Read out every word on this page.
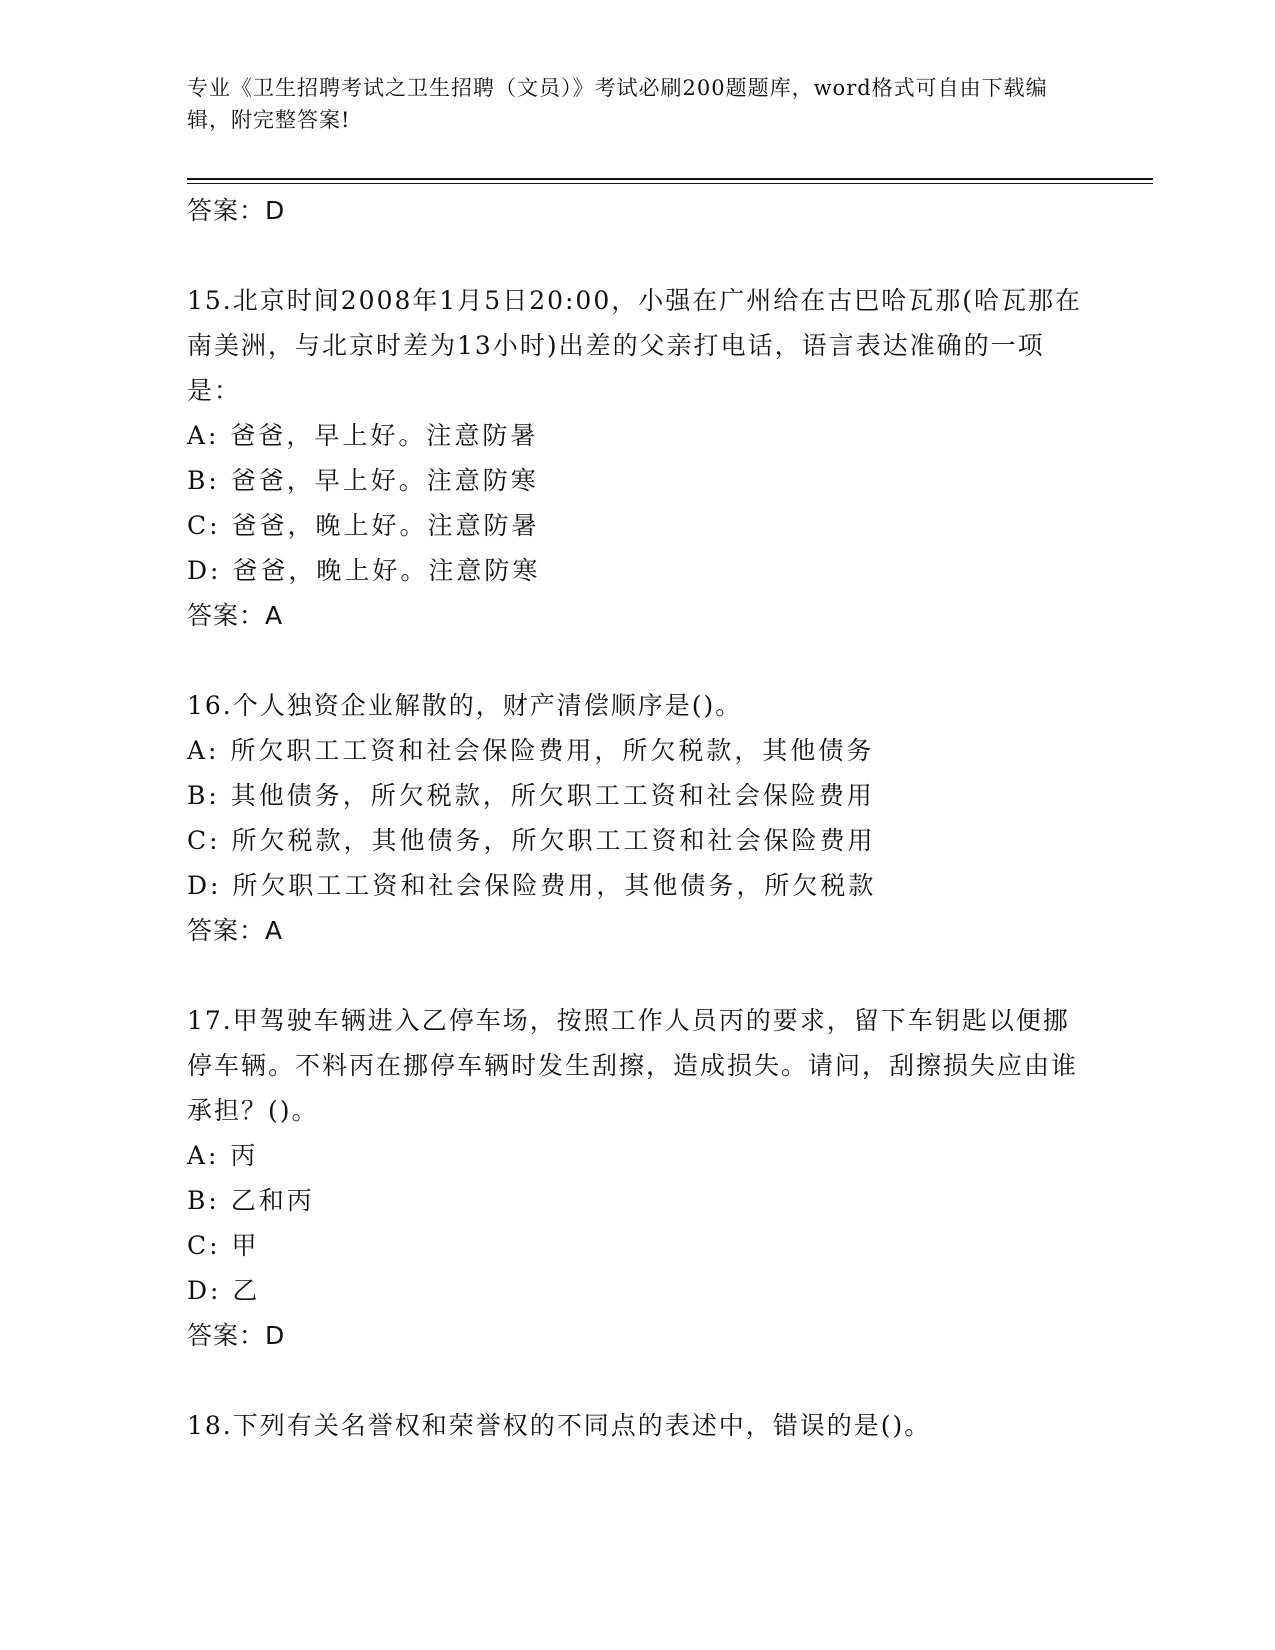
专业《卫生招聘考试之卫生招聘（文员）》考试必刷200题题库，word格式可自由下载编辑，附完整答案!
答案：D
15.北京时间2008年1月5日20:00，小强在广州给在古巴哈瓦那(哈瓦那在南美洲，与北京时差为13小时)出差的父亲打电话，语言表达准确的一项是：
A: 爸爸，早上好。注意防暑
B: 爸爸，早上好。注意防寒
C: 爸爸，晚上好。注意防暑
D: 爸爸，晚上好。注意防寒
答案：A
16.个人独资企业解散的，财产清偿顺序是()。
A: 所欠职工工资和社会保险费用，所欠税款，其他债务
B: 其他债务，所欠税款，所欠职工工资和社会保险费用
C: 所欠税款，其他债务，所欠职工工资和社会保险费用
D: 所欠职工工资和社会保险费用，其他债务，所欠税款
答案：A
17.甲驾驶车辆进入乙停车场，按照工作人员丙的要求，留下车钥匙以便挪停车辆。不料丙在挪停车辆时发生刮擦，造成损失。请问，刮擦损失应由谁承担？()。
A: 丙
B: 乙和丙
C: 甲
D: 乙
答案：D
18.下列有关名誉权和荣誉权的不同点的表述中，错误的是()。
